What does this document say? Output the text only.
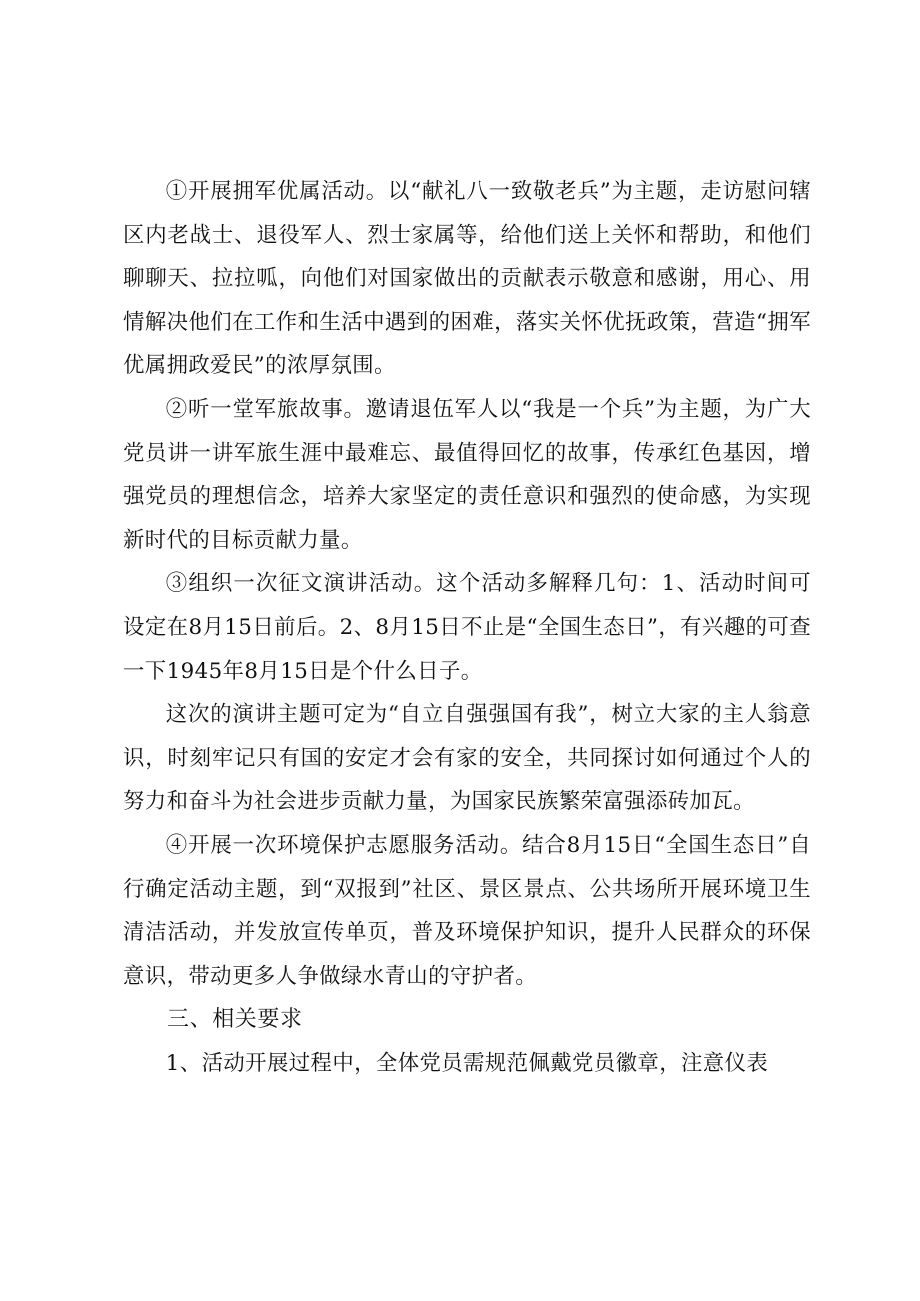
①开展拥军优属活动。以“献礼八一致敬老兵”为主题，走访慰问辖区内老战士、退役军人、烈士家属等，给他们送上关怀和帮助，和他们聊聊天、拉拉呱，向他们对国家做出的贡献表示敬意和感谢，用心、用情解决他们在工作和生活中遇到的困难，落实关怀优抚政策，营造“拥军优属拥政爱民”的浓厚氛围。

②听一堂军旅故事。邀请退伍军人以“我是一个兵”为主题，为广大党员讲一讲军旅生涯中最难忘、最值得回忆的故事，传承红色基因，增强党员的理想信念，培养大家坚定的责任意识和强烈的使命感，为实现新时代的目标贡献力量。

③组织一次征文演讲活动。这个活动多解释几句：1、活动时间可设定在8月15日前后。2、8月15日不止是“全国生态日”，有兴趣的可查一下1945年8月15日是个什么日子。

这次的演讲主题可定为“自立自强强国有我”，树立大家的主人翁意识，时刻牢记只有国的安定才会有家的安全，共同探讨如何通过个人的努力和奋斗为社会进步贡献力量，为国家民族繁荣富强添砖加瓦。

④开展一次环境保护志愿服务活动。结合8月15日“全国生态日”自行确定活动主题，到“双报到”社区、景区景点、公共场所开展环境卫生清洁活动，并发放宣传单页，普及环境保护知识，提升人民群众的环保意识，带动更多人争做绿水青山的守护者。

三、相关要求

1、活动开展过程中，全体党员需规范佩戴党员徽章，注意仪表
